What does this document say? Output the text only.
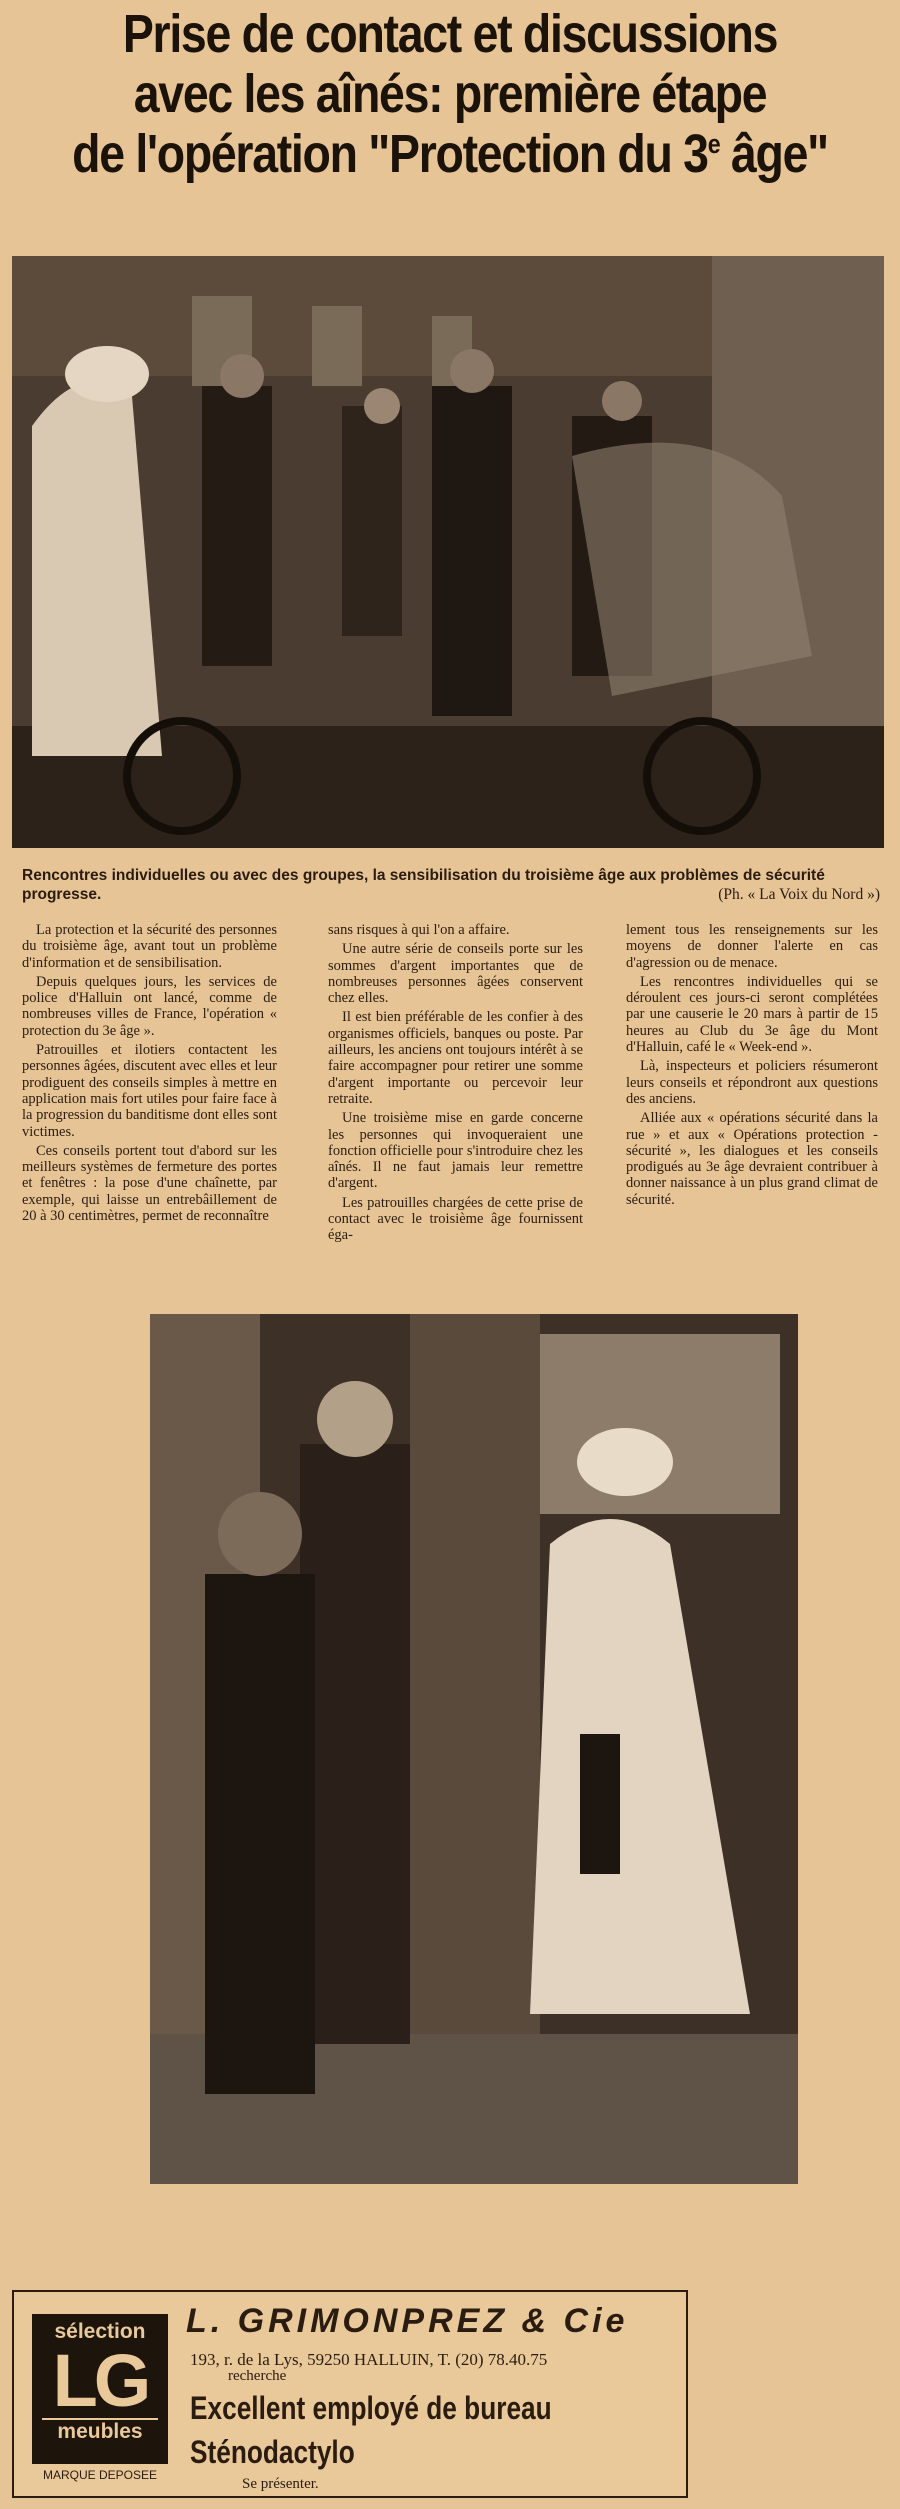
Prise de contact et discussions
avec les aînés: première étape
de l'opération "Protection du 3e âge"
Rencontres individuelles ou avec des groupes, la sensibilisation du troisième âge aux problèmes de sécurité progresse.	(Ph. « La Voix du Nord »)

La protection et la sécurité des personnes du troisième âge, avant tout un problème d'information et de sensibilisation.

Depuis quelques jours, les services de police d'Halluin ont lancé, comme de nombreuses villes de France, l'opération « protection du 3e âge ».

Patrouilles et ilotiers contactent les personnes âgées, discutent avec elles et leur prodiguent des conseils simples à mettre en application mais fort utiles pour faire face à la progression du banditisme dont elles sont victimes.

Ces conseils portent tout d'abord sur les meilleurs systèmes de fermeture des portes et fenêtres : la pose d'une chaînette, par exemple, qui laisse un entrebâillement de 20 à 30 centimètres, permet de reconnaître

sans risques à qui l'on a affaire.

Une autre série de conseils porte sur les sommes d'argent importantes que de nombreuses personnes âgées conservent chez elles.

Il est bien préférable de les confier à des organismes officiels, banques ou poste. Par ailleurs, les anciens ont toujours intérêt à se faire accompagner pour retirer une somme d'argent importante ou percevoir leur retraite.

Une troisième mise en garde concerne les personnes qui invoqueraient une fonction officielle pour s'introduire chez les aînés. Il ne faut jamais leur remettre d'argent.

Les patrouilles chargées de cette prise de contact avec le troisième âge fournissent éga-

lement tous les renseignements sur les moyens de donner l'alerte en cas d'agression ou de menace.

Les rencontres individuelles qui se déroulent ces jours-ci seront complétées par une causerie le 20 mars à partir de 15 heures au Club du 3e âge du Mont d'Halluin, café le « Week-end ».

Là, inspecteurs et policiers résumeront leurs conseils et répondront aux questions des anciens.

Alliée aux « opérations sécurité dans la rue » et aux « Opérations protection - sécurité », les dialogues et les conseils prodigués au 3e âge devraient contribuer à donner naissance à un plus grand climat de sécurité.

sélection
LG
meubles
MARQUE DEPOSEE
L. GRIMONPREZ & Cie
193, r. de la Lys, 59250 HALLUIN, T. (20) 78.40.75
recherche
Excellent employé de bureau
Sténodactylo
Se présenter.
